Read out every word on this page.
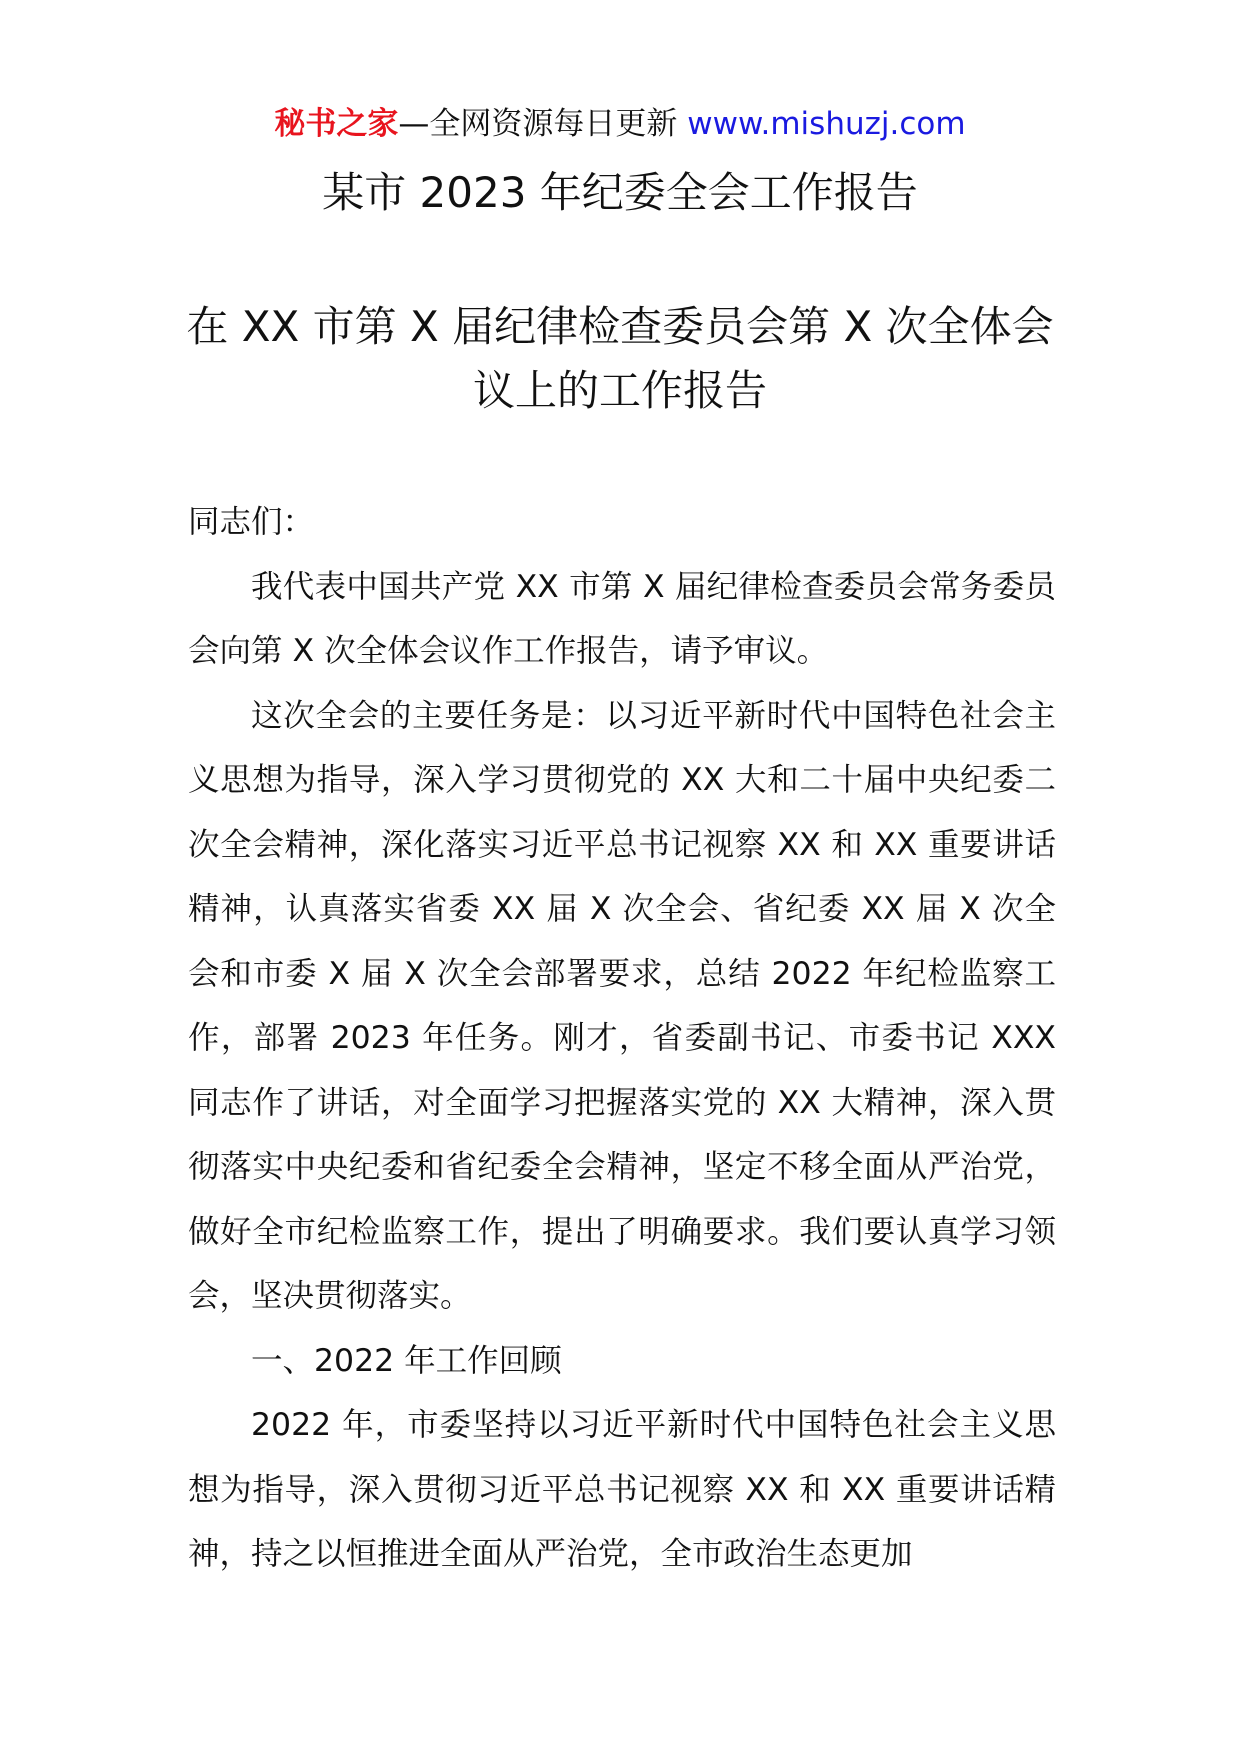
秘书之家—全网资源每日更新 www.mishuzj.com
某市 2023 年纪委全会工作报告
在 XX 市第 X 届纪律检查委员会第 X 次全体会议上的工作报告

同志们：

我代表中国共产党 XX 市第 X 届纪律检查委员会常务委员会向第 X 次全体会议作工作报告，请予审议。

这次全会的主要任务是：以习近平新时代中国特色社会主义思想为指导，深入学习贯彻党的 XX 大和二十届中央纪委二次全会精神，深化落实习近平总书记视察 XX 和 XX 重要讲话精神，认真落实省委 XX 届 X 次全会、省纪委 XX 届 X 次全会和市委 X 届 X 次全会部署要求，总结 2022 年纪检监察工作，部署 2023 年任务。刚才，省委副书记、市委书记 XXX 同志作了讲话，对全面学习把握落实党的 XX 大精神，深入贯彻落实中央纪委和省纪委全会精神，坚定不移全面从严治党，做好全市纪检监察工作，提出了明确要求。我们要认真学习领会，坚决贯彻落实。

一、2022 年工作回顾

2022 年，市委坚持以习近平新时代中国特色社会主义思想为指导，深入贯彻习近平总书记视察 XX 和 XX 重要讲话精神，持之以恒推进全面从严治党，全市政治生态更加
